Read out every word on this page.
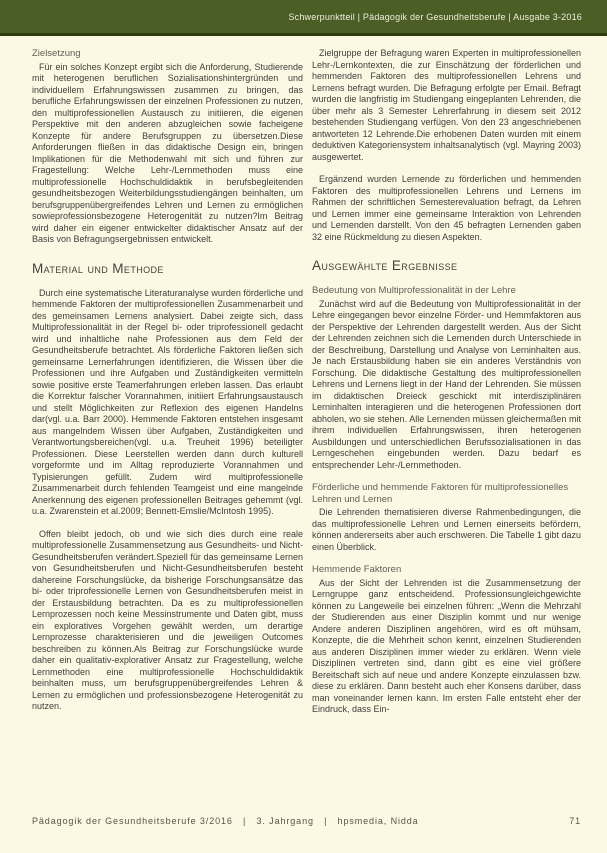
Schwerpunktteil | Pädagogik der Gesundheitsberufe | Ausgabe 3-2016
Zielsetzung

Für ein solches Konzept ergibt sich die Anforderung, Studierende mit heterogenen beruflichen Sozialisationshintergründen und individuellem Erfahrungswissen zusammen zu bringen, das berufliche Erfahrungswissen der einzelnen Professionen zu nutzen, den multiprofessionellen Austausch zu initiieren, die eigenen Perspektive mit den anderen abzugleichen sowie facheigene Konzepte für andere Berufsgruppen zu übersetzen.Diese Anforderungen fließen in das didaktische Design ein, bringen Implikationen für die Methodenwahl mit sich und führen zur Fragestellung: Welche Lehr-/Lernmethoden muss eine multiprofessionelle Hochschuldidaktik in berufsbegleitenden gesundheitsbezogen Weiterbildungsstudiengängen beinhalten, um berufsgruppenübergreifendes Lehren und Lernen zu ermöglichen sowieprofessionsbezogene Heterogenität zu nutzen?Im Beitrag wird daher ein eigener entwickelter didaktischer Ansatz auf der Basis von Befragungsergebnissen entwickelt.

Material und Methode

Durch eine systematische Literaturanalyse wurden förderliche und hemmende Faktoren der multiprofessionellen Zusammenarbeit und des gemeinsamen Lernens analysiert. Dabei zeigte sich, dass Multiprofessionalität in der Regel bi- oder triprofessionell gedacht wird und inhaltliche nahe Professionen aus dem Feld der Gesundheitsberufe betrachtet. Als förderliche Faktoren ließen sich gemeinsame Lernerfahrungen identifizieren, die Wissen über die Professionen und ihre Aufgaben und Zuständigkeiten vermitteln sowie positive erste Teamerfahrungen erleben lassen. Das erlaubt die Korrektur falscher Vorannahmen, initiiert Erfahrungsaustausch und stellt Möglichkeiten zur Reflexion des eigenen Handelns dar(vgl. u.a. Barr 2000). Hemmende Faktoren entstehen insgesamt aus mangelndem Wissen über Aufgaben, Zuständigkeiten und Verantwortungsbereichen(vgl. u.a. Treuheit 1996) beteiligter Professionen. Diese Leerstellen werden dann durch kulturell vorgeformte und im Alltag reproduzierte Vorannahmen und Typisierungen gefüllt. Zudem wird multiprofessionelle Zusammenarbeit durch fehlenden Teamgeist und eine mangelnde Anerkennung des eigenen professionellen Beitrages gehemmt (vgl. u.a. Zwarenstein et al.2009; Bennett-Emslie/McIntosh 1995).

Offen bleibt jedoch, ob und wie sich dies durch eine reale multiprofessionelle Zusammensetzung aus Gesundheits- und Nicht-Gesundheitsberufen verändert.Speziell für das gemeinsame Lernen von Gesundheitsberufen und Nicht-Gesundheitsberufen besteht dahereine Forschungslücke, da bisherige Forschungsansätze das bi- oder triprofessionelle Lernen von Gesundheitsberufen meist in der Erstausbildung betrachten. Da es zu multiprofessionellen Lernprozessen noch keine Messinstrumente und Daten gibt, muss ein exploratives Vorgehen gewählt werden, um derartige Lernprozesse charakterisieren und die jeweiligen Outcomes beschreiben zu können.Als Beitrag zur Forschungslücke wurde daher ein qualitativ-explorativer Ansatz zur Fragestellung, welche Lernmethoden eine multiprofessionelle Hochschuldidaktik beinhalten muss, um berufsgruppenübergreifendes Lehren & Lernen zu ermöglichen und professionsbezogene Heterogenität zu nutzen.

Zielgruppe der Befragung waren Experten in multiprofessionellen Lehr-/Lernkontexten, die zur Einschätzung der förderlichen und hemmenden Faktoren des multiprofessionellen Lehrens und Lernens befragt wurden. Die Befragung erfolgte per Email. Befragt wurden die langfristig im Studiengang eingeplanten Lehrenden, die über mehr als 3 Semester Lehrerfahrung in diesem seit 2012 bestehenden Studiengang verfügen. Von den 23 angeschriebenen antworteten 12 Lehrende.Die erhobenen Daten wurden mit einem deduktiven Kategoriensystem inhaltsanalytisch (vgl. Mayring 2003) ausgewertet.

Ergänzend wurden Lernende zu förderlichen und hemmenden Faktoren des multiprofessionellen Lehrens und Lernens im Rahmen der schriftlichen Semesterevaluation befragt, da Lehren und Lernen immer eine gemeinsame Interaktion von Lehrenden und Lernenden darstellt. Von den 45 befragten Lernenden gaben 32 eine Rückmeldung zu diesen Aspekten.

Ausgewählte Ergebnisse
Bedeutung von Multiprofessionalität in der Lehre

Zunächst wird auf die Bedeutung von Multiprofessionalität in der Lehre eingegangen bevor einzelne Förder- und Hemmfaktoren aus der Perspektive der Lehrenden dargestellt werden. Aus der Sicht der Lehrenden zeichnen sich die Lernenden durch Unterschiede in der Beschreibung, Darstellung und Analyse von Lerninhalten aus. Je nach Erstausbildung haben sie ein anderes Verständnis von Forschung. Die didaktische Gestaltung des multiprofessionellen Lehrens und Lernens liegt in der Hand der Lehrenden. Sie müssen im didaktischen Dreieck geschickt mit interdisziplinären Lerninhalten interagieren und die heterogenen Professionen dort abholen, wo sie stehen. Alle Lernenden müssen gleichermaßen mit ihrem individuellen Erfahrungswissen, ihren heterogenen Ausbildungen und unterschiedlichen Berufssozialisationen in das Lerngeschehen eingebunden werden. Dazu bedarf es entsprechender Lehr-/Lernmethoden.

Förderliche und hemmende Faktoren für multiprofessionelles Lehren und Lernen

Die Lehrenden thematisieren diverse Rahmenbedingungen, die das multiprofessionelle Lehren und Lernen einerseits befördern, können andererseits aber auch erschweren. Die Tabelle 1 gibt dazu einen Überblick.

Hemmende Faktoren

Aus der Sicht der Lehrenden ist die Zusammensetzung der Lerngruppe ganz entscheidend. Professionsungleichgewichte können zu Langeweile bei einzelnen führen: „Wenn die Mehrzahl der Studierenden aus einer Disziplin kommt und nur wenige Andere anderen Disziplinen angehören, wird es oft mühsam, Konzepte, die die Mehrheit schon kennt, einzelnen Studierenden aus anderen Disziplinen immer wieder zu erklären. Wenn viele Disziplinen vertreten sind, dann gibt es eine viel größere Bereitschaft sich auf neue und andere Konzepte einzulassen bzw. diese zu erklären. Dann besteht auch eher Konsens darüber, dass man voneinander lernen kann. Im ersten Falle entsteht eher der Eindruck, dass Ein-

Pädagogik der Gesundheitsberufe 3/2016   |   3. Jahrgang   |   hpsmedia, Nidda	71
